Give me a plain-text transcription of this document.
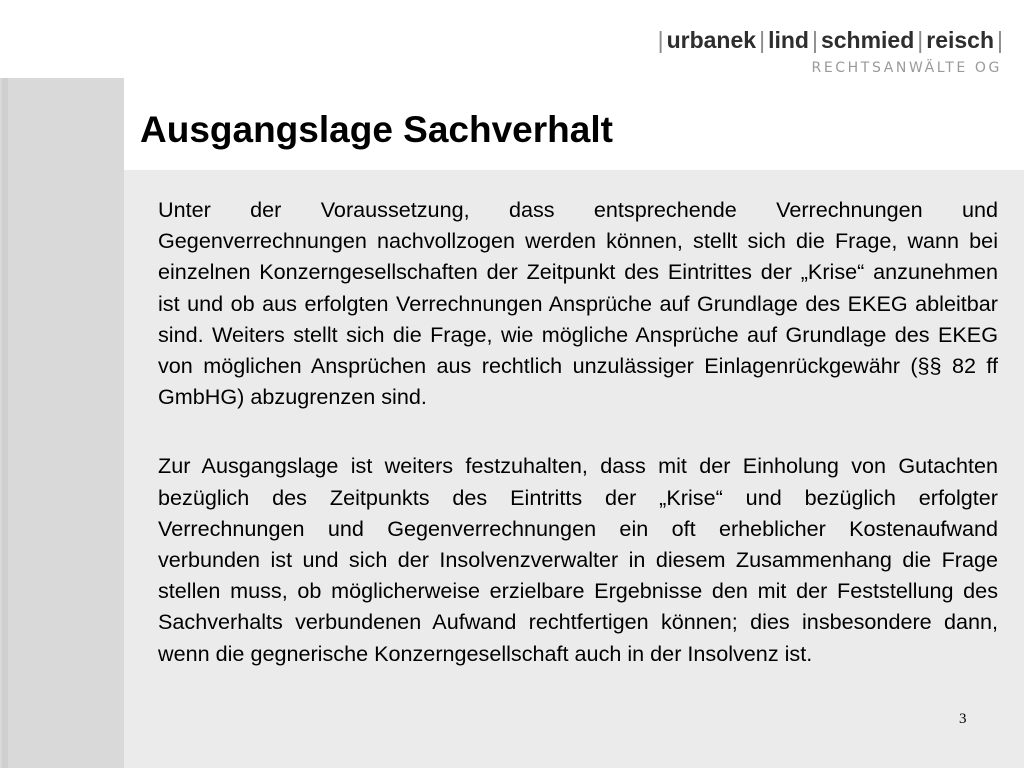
| urbanek | lind | schmied | reisch |
RECHTSANWÄLTE OG
Ausgangslage Sachverhalt

Unter der Voraussetzung, dass entsprechende Verrechnungen und Gegenverrechnungen nachvollzogen werden können, stellt sich die Frage, wann bei einzelnen Konzerngesellschaften der Zeitpunkt des Eintrittes der „Krise“ anzunehmen ist und ob aus erfolgten Verrechnungen Ansprüche auf Grundlage des EKEG ableitbar sind. Weiters stellt sich die Frage, wie mögliche Ansprüche auf Grundlage des EKEG von möglichen Ansprüchen aus rechtlich unzulässiger Einlagenrückgewähr (§§ 82 ff GmbHG) abzugrenzen sind.

Zur Ausgangslage ist weiters festzuhalten, dass mit der Einholung von Gutachten bezüglich des Zeitpunkts des Eintritts der „Krise“ und bezüglich erfolgter Verrechnungen und Gegenverrechnungen ein oft erheblicher Kostenaufwand verbunden ist und sich der Insolvenzverwalter in diesem Zusammenhang die Frage stellen muss, ob möglicherweise erzielbare Ergebnisse den mit der Feststellung des Sachverhalts verbundenen Aufwand rechtfertigen können; dies insbesondere dann, wenn die gegnerische Konzerngesellschaft auch in der Insolvenz ist.

3
